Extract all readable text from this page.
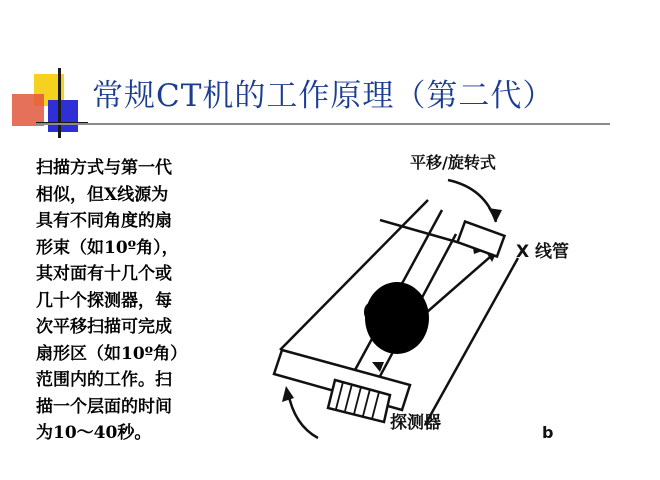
常规CT机的工作原理（第二代）
扫描方式与第一代
相似，但X线源为
具有不同角度的扇
形束（如10º角），
其对面有十几个或
几十个探测器，每
次平移扫描可完成
扇形区（如10º角）
范围内的工作。扫
描一个层面的时间
为10～40秒。
平移/旋转式
X 线管
探测器	b
